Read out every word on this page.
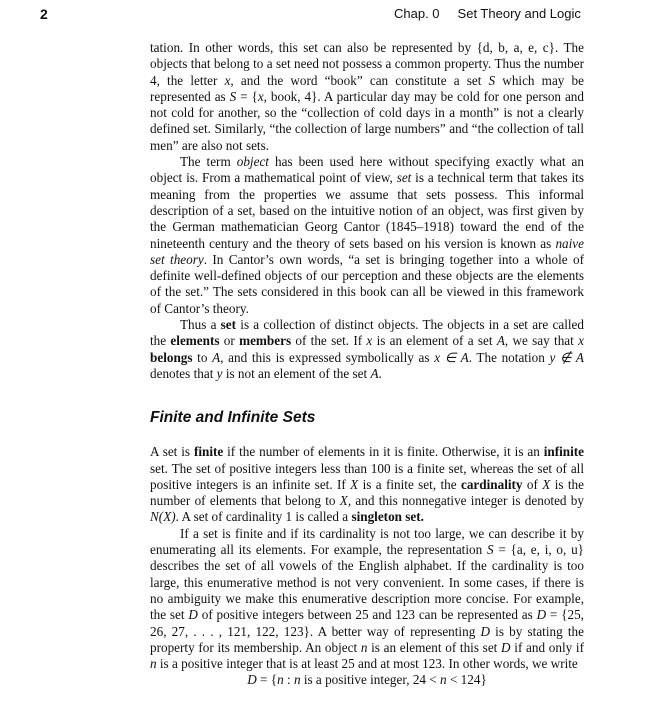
2	Chap. 0 Set Theory and Logic

tation. In other words, this set can also be represented by {d, b, a, e, c}. The objects that belong to a set need not possess a common property. Thus the number 4, the letter x, and the word “book” can constitute a set S which may be represented as S = {x, book, 4}. A particular day may be cold for one person and not cold for another, so the “collection of cold days in a month” is not a clearly defined set. Similarly, “the collection of large numbers” and “the collection of tall men” are also not sets.

The term object has been used here without specifying exactly what an object is. From a mathematical point of view, set is a technical term that takes its meaning from the properties we assume that sets possess. This informal description of a set, based on the intuitive notion of an object, was first given by the German mathematician Georg Cantor (1845–1918) toward the end of the nineteenth century and the theory of sets based on his version is known as naive set theory. In Cantor’s own words, “a set is bringing together into a whole of definite well-defined objects of our perception and these objects are the elements of the set.” The sets considered in this book can all be viewed in this framework of Cantor’s theory.

Thus a set is a collection of distinct objects. The objects in a set are called the elements or members of the set. If x is an element of a set A, we say that x belongs to A, and this is expressed symbolically as x ∈ A. The notation y ∉ A denotes that y is not an element of the set A.

Finite and Infinite Sets

A set is finite if the number of elements in it is finite. Otherwise, it is an infinite set. The set of positive integers less than 100 is a finite set, whereas the set of all positive integers is an infinite set. If X is a finite set, the cardinality of X is the number of elements that belong to X, and this nonnegative integer is denoted by N(X). A set of cardinality 1 is called a singleton set.

If a set is finite and if its cardinality is not too large, we can describe it by enumerating all its elements. For example, the representation S = {a, e, i, o, u} describes the set of all vowels of the English alphabet. If the cardinality is too large, this enumerative method is not very convenient. In some cases, if there is no ambiguity we make this enumerative description more concise. For example, the set D of positive integers between 25 and 123 can be represented as D = {25, 26, 27, . . . , 121, 122, 123}. A better way of representing D is by stating the property for its membership. An object n is an element of this set D if and only if n is a positive integer that is at least 25 and at most 123. In other words, we write

D = {n : n is a positive integer, 24 < n < 124}
